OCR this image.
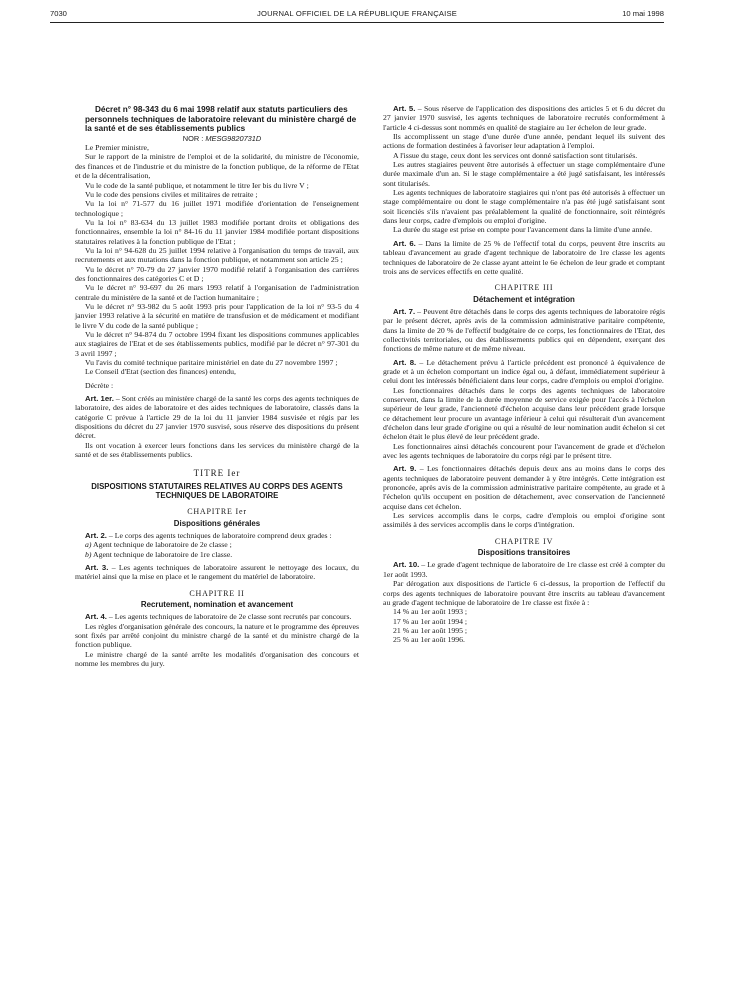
7030	JOURNAL OFFICIEL DE LA RÉPUBLIQUE FRANÇAISE	10 mai 1998

Décret n° 98-343 du 6 mai 1998 relatif aux statuts particuliers des personnels techniques de laboratoire relevant du ministère chargé de la santé et de ses établissements publics

NOR : MESG9820731D

Le Premier ministre,

Sur le rapport de la ministre de l'emploi et de la solidarité, du ministre de l'économie, des finances et de l'industrie et du ministre de la fonction publique, de la réforme de l'Etat et de la décentralisation,

Vu le code de la santé publique, et notamment le titre Ier bis du livre V ;

Vu le code des pensions civiles et militaires de retraite ;

Vu la loi n° 71-577 du 16 juillet 1971 modifiée d'orientation de l'enseignement technologique ;

Vu la loi n° 83-634 du 13 juillet 1983 modifiée portant droits et obligations des fonctionnaires, ensemble la loi n° 84-16 du 11 janvier 1984 modifiée portant dispositions statutaires relatives à la fonction publique de l'Etat ;

Vu la loi n° 94-628 du 25 juillet 1994 relative à l'organisation du temps de travail, aux recrutements et aux mutations dans la fonction publique, et notamment son article 25 ;

Vu le décret n° 70-79 du 27 janvier 1970 modifié relatif à l'organisation des carrières des fonctionnaires des catégories C et D ;

Vu le décret n° 93-697 du 26 mars 1993 relatif à l'organisation de l'administration centrale du ministère de la santé et de l'action humanitaire ;

Vu le décret n° 93-982 du 5 août 1993 pris pour l'application de la loi n° 93-5 du 4 janvier 1993 relative à la sécurité en matière de transfusion et de médicament et modifiant le livre V du code de la santé publique ;

Vu le décret n° 94-874 du 7 octobre 1994 fixant les dispositions communes applicables aux stagiaires de l'Etat et de ses établissements publics, modifié par le décret n° 97-301 du 3 avril 1997 ;

Vu l'avis du comité technique paritaire ministériel en date du 27 novembre 1997 ;

Le Conseil d'Etat (section des finances) entendu,

Décrète :

Art. 1er. – Sont créés au ministère chargé de la santé les corps des agents techniques de laboratoire, des aides de laboratoire et des aides techniques de laboratoire, classés dans la catégorie C prévue à l'article 29 de la loi du 11 janvier 1984 susvisée et régis par les dispositions du décret du 27 janvier 1970 susvisé, sous réserve des dispositions du présent décret.

Ils ont vocation à exercer leurs fonctions dans les services du ministère chargé de la santé et de ses établissements publics.

TITRE Ier

DISPOSITIONS STATUTAIRES RELATIVES AU CORPS DES AGENTS TECHNIQUES DE LABORATOIRE

CHAPITRE Ier

Dispositions générales

Art. 2. – Le corps des agents techniques de laboratoire comprend deux grades :

a) Agent technique de laboratoire de 2e classe ;

b) Agent technique de laboratoire de 1re classe.

Art. 3. – Les agents techniques de laboratoire assurent le nettoyage des locaux, du matériel ainsi que la mise en place et le rangement du matériel de laboratoire.

CHAPITRE II

Recrutement, nomination et avancement

Art. 4. – Les agents techniques de laboratoire de 2e classe sont recrutés par concours.

Les règles d'organisation générale des concours, la nature et le programme des épreuves sont fixés par arrêté conjoint du ministre chargé de la santé et du ministre chargé de la fonction publique.

Le ministre chargé de la santé arrête les modalités d'organisation des concours et nomme les membres du jury.

Art. 5. – Sous réserve de l'application des dispositions des articles 5 et 6 du décret du 27 janvier 1970 susvisé, les agents techniques de laboratoire recrutés conformément à l'article 4 ci-dessus sont nommés en qualité de stagiaire au 1er échelon de leur grade.

Ils accomplissent un stage d'une durée d'une année, pendant lequel ils suivent des actions de formation destinées à favoriser leur adaptation à l'emploi.

A l'issue du stage, ceux dont les services ont donné satisfaction sont titularisés.

Les autres stagiaires peuvent être autorisés à effectuer un stage complémentaire d'une durée maximale d'un an. Si le stage complémentaire a été jugé satisfaisant, les intéressés sont titularisés.

Les agents techniques de laboratoire stagiaires qui n'ont pas été autorisés à effectuer un stage complémentaire ou dont le stage complémentaire n'a pas été jugé satisfaisant sont soit licenciés s'ils n'avaient pas préalablement la qualité de fonctionnaire, soit réintégrés dans leur corps, cadre d'emplois ou emploi d'origine.

La durée du stage est prise en compte pour l'avancement dans la limite d'une année.

Art. 6. – Dans la limite de 25 % de l'effectif total du corps, peuvent être inscrits au tableau d'avancement au grade d'agent technique de laboratoire de 1re classe les agents techniques de laboratoire de 2e classe ayant atteint le 6e échelon de leur grade et comptant trois ans de services effectifs en cette qualité.

CHAPITRE III

Détachement et intégration

Art. 7. – Peuvent être détachés dans le corps des agents techniques de laboratoire régis par le présent décret, après avis de la commission administrative paritaire compétente, dans la limite de 20 % de l'effectif budgétaire de ce corps, les fonctionnaires de l'Etat, des collectivités territoriales, ou des établissements publics qui en dépendent, exerçant des fonctions de même nature et de même niveau.

Art. 8. – Le détachement prévu à l'article précédent est prononcé à équivalence de grade et à un échelon comportant un indice égal ou, à défaut, immédiatement supérieur à celui dont les intéressés bénéficiaient dans leur corps, cadre d'emplois ou emploi d'origine.

Les fonctionnaires détachés dans le corps des agents techniques de laboratoire conservent, dans la limite de la durée moyenne de service exigée pour l'accès à l'échelon supérieur de leur grade, l'ancienneté d'échelon acquise dans leur précédent grade lorsque ce détachement leur procure un avantage inférieur à celui qui résulterait d'un avancement d'échelon dans leur grade d'origine ou qui a résulté de leur nomination audit échelon si cet échelon était le plus élevé de leur précédent grade.

Les fonctionnaires ainsi détachés concourent pour l'avancement de grade et d'échelon avec les agents techniques de laboratoire du corps régi par le présent titre.

Art. 9. – Les fonctionnaires détachés depuis deux ans au moins dans le corps des agents techniques de laboratoire peuvent demander à y être intégrés. Cette intégration est prononcée, après avis de la commission administrative paritaire compétente, au grade et à l'échelon qu'ils occupent en position de détachement, avec conservation de l'ancienneté acquise dans cet échelon.

Les services accomplis dans le corps, cadre d'emplois ou emploi d'origine sont assimilés à des services accomplis dans le corps d'intégration.

CHAPITRE IV

Dispositions transitoires

Art. 10. – Le grade d'agent technique de laboratoire de 1re classe est créé à compter du 1er août 1993.

Par dérogation aux dispositions de l'article 6 ci-dessus, la proportion de l'effectif du corps des agents techniques de laboratoire pouvant être inscrits au tableau d'avancement au grade d'agent technique de laboratoire de 1re classe est fixée à :

14 % au 1er août 1993 ;

17 % au 1er août 1994 ;

21 % au 1er août 1995 ;

25 % au 1er août 1996.
